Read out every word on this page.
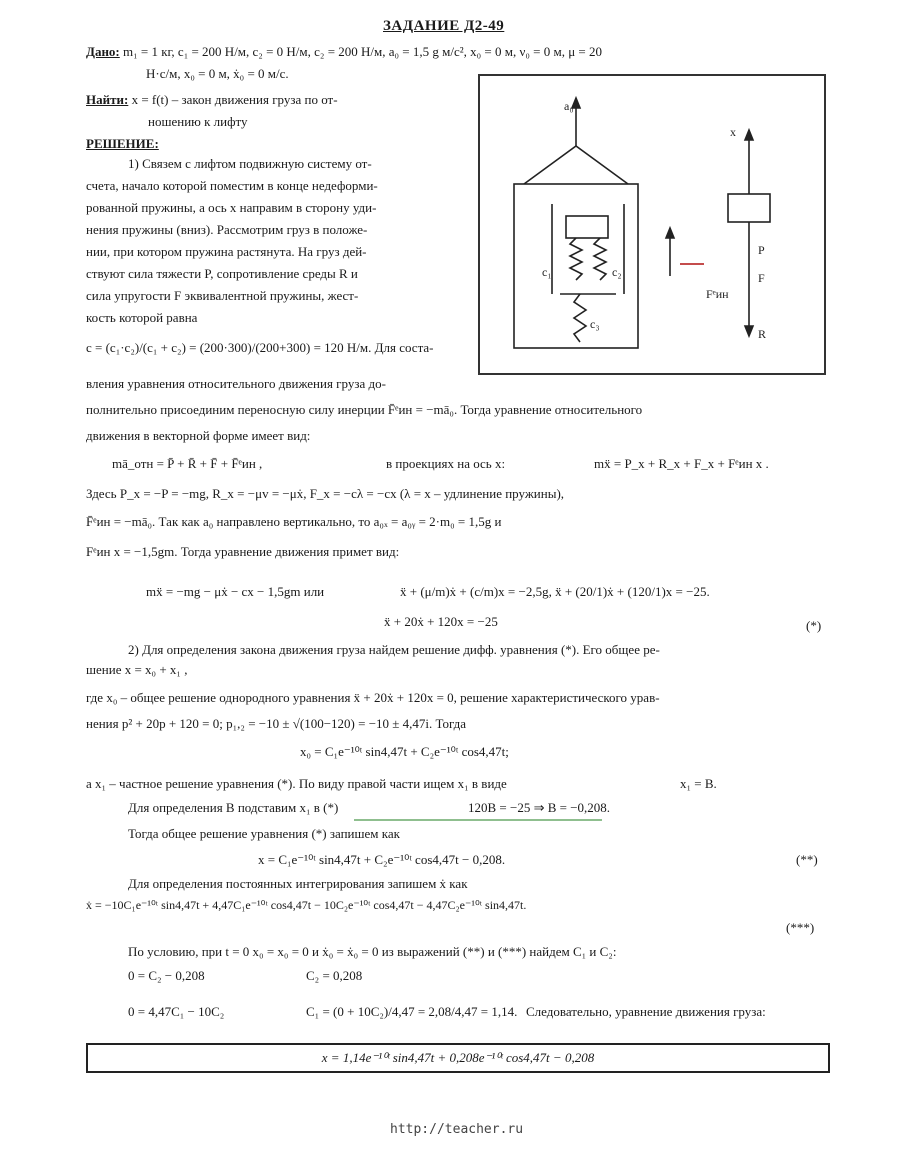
ЗАДАНИЕ Д2-49
Дано: m₁ = 1 кг, c₁ = 200 Н/м, c₂ = 0 Н/м, c₂ = 200 Н/м, a₀ = 1,5 g м/с², x₀ = 0 м, ν₀ = 0 м, μ = 20
Н·с/м, x₀ = 0 м, ẋ₀ = 0 м/с.
Найти: x = f(t) – закон движения груза по от-
ношению к лифту
РЕШЕНИЕ:
1) Связем с лифтом подвижную систему от-
счета, начало которой поместим в конце недеформи-
рованной пружины, а ось x направим в сторону уди-
нения пружины (вниз). Рассмотрим груз в положе-
нии, при котором пружина растянута. На груз дей-
ствуют сила тяжести P, сопротивление среды R и
сила упругости F эквивалентной пружины, жест-
кость которой равна
c = (c₁·c₂)/(c₁ + c₂) = (200·300)/(200+300) = 120 Н/м. Для соста-
a₀
x
c₁	c₂
c₃
P
F
R
Fᵉин
вления уравнения относительного движения груза до-
полнительно присоединим переносную силу инерции F̄ᵉин = −mā₀. Тогда уравнение относительного
движения в векторной форме имеет вид:
mā_отн = P̄ + R̄ + F̄ + F̄ᵉин ,	в проекциях на ось x:	mẍ = P_x + R_x + F_x + Fᵉин x .
Здесь P_x = −P = −mg, R_x = −μv = −μẋ, F_x = −cλ = −cx (λ = x – удлинение пружины),
F̄ᵉин = −mā₀. Так как a₀ направлено вертикально, то a₀ₓ = a₀ᵧ = 2·m₀ = 1,5g и
Fᵉин x = −1,5gm. Тогда уравнение движения примет вид:
mẍ = −mg − μẋ − cx − 1,5gm или	ẍ + (μ/m)ẋ + (c/m)x = −2,5g, ẍ + (20/1)ẋ + (120/1)x = −25.
ẍ + 20ẋ + 120x = −25	(*)
2) Для определения закона движения груза найдем решение дифф. уравнения (*). Его общее ре-
шение x = x₀ + x₁ ,
где x₀ – общее решение однородного уравнения ẍ + 20ẋ + 120x = 0, решение характеристического урав-
нения p² + 20p + 120 = 0; p₁,₂ = −10 ± √(100−120) = −10 ± 4,47i. Тогда
x₀ = C₁e⁻¹⁰ᵗ sin4,47t + C₂e⁻¹⁰ᵗ cos4,47t;
а x₁ – частное решение уравнения (*). По виду правой части ищем x₁ в виде	x₁ = B.
Для определения B подставим x₁ в (*)	120B = −25 ⇒ B = −0,208.
Тогда общее решение уравнения (*) запишем как
x = C₁e⁻¹⁰ᵗ sin4,47t + C₂e⁻¹⁰ᵗ cos4,47t − 0,208.	(**)
Для определения постоянных интегрирования запишем ẋ как
ẋ = −10C₁e⁻¹⁰ᵗ sin4,47t + 4,47C₁e⁻¹⁰ᵗ cos4,47t − 10C₂e⁻¹⁰ᵗ cos4,47t − 4,47C₂e⁻¹⁰ᵗ sin4,47t.
(***)
По условию, при t = 0 x₀ = x₀ = 0 и ẋ₀ = ẋ₀ = 0 из выражений (**) и (***) найдем C₁ и C₂:
0 = C₂ − 0,208	C₂ = 0,208
0 = 4,47C₁ − 10C₂	C₁ = (0 + 10C₂)/4,47 = 2,08/4,47 = 1,14. Следовательно, уравнение движения груза:
x = 1,14e⁻¹⁰ᵗ sin4,47t + 0,208e⁻¹⁰ᵗ cos4,47t − 0,208
http://teacher.ru
